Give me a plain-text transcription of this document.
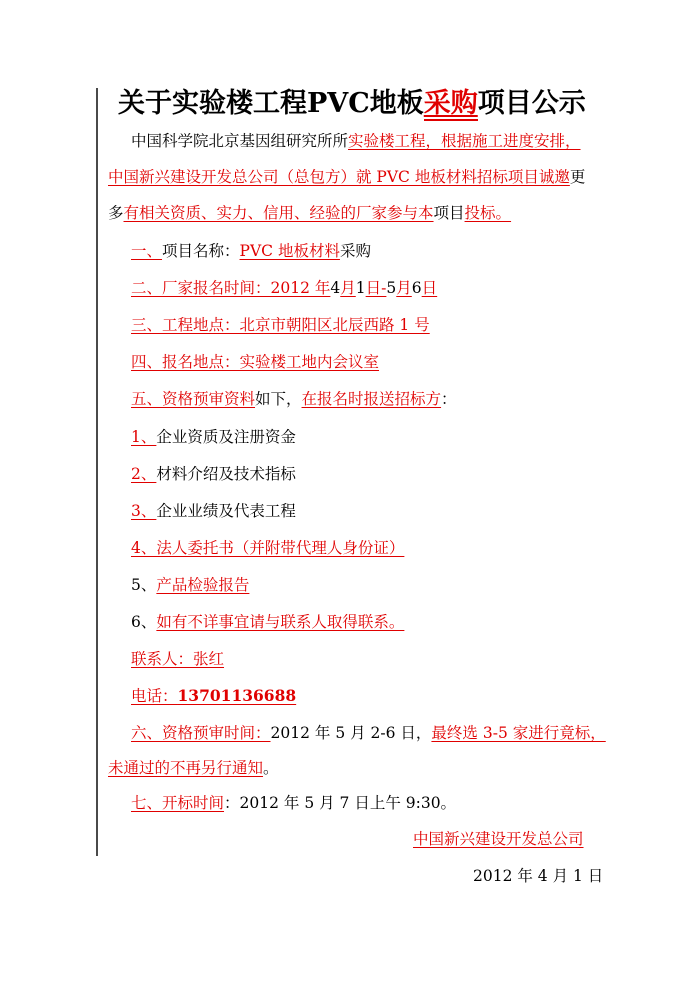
关于实验楼工程PVC地板采购项目公示
中国科学院北京基因组研究所所实验楼工程，根据施工进度安排，
中国新兴建设开发总公司（总包方）就 PVC 地板材料招标项目诚邀更
多有相关资质、实力、信用、经验的厂家参与本项目投标。
一、项目名称：PVC 地板材料采购
二、厂家报名时间：2012 年4月1日-5月6日
三、工程地点：北京市朝阳区北辰西路 1 号
四、报名地点：实验楼工地内会议室
五、资格预审资料如下，在报名时报送招标方：
1、企业资质及注册资金
2、材料介绍及技术指标
3、企业业绩及代表工程
4、法人委托书（并附带代理人身份证）
5、产品检验报告
6、如有不详事宜请与联系人取得联系。
联系人：张红
电话：13701136688
六、资格预审时间：2012 年 5 月 2-6 日，最终选 3-5 家进行竟标，
未通过的不再另行通知。
七、开标时间：2012 年 5 月 7 日上午 9:30。
中国新兴建设开发总公司
2012 年 4 月 1 日
